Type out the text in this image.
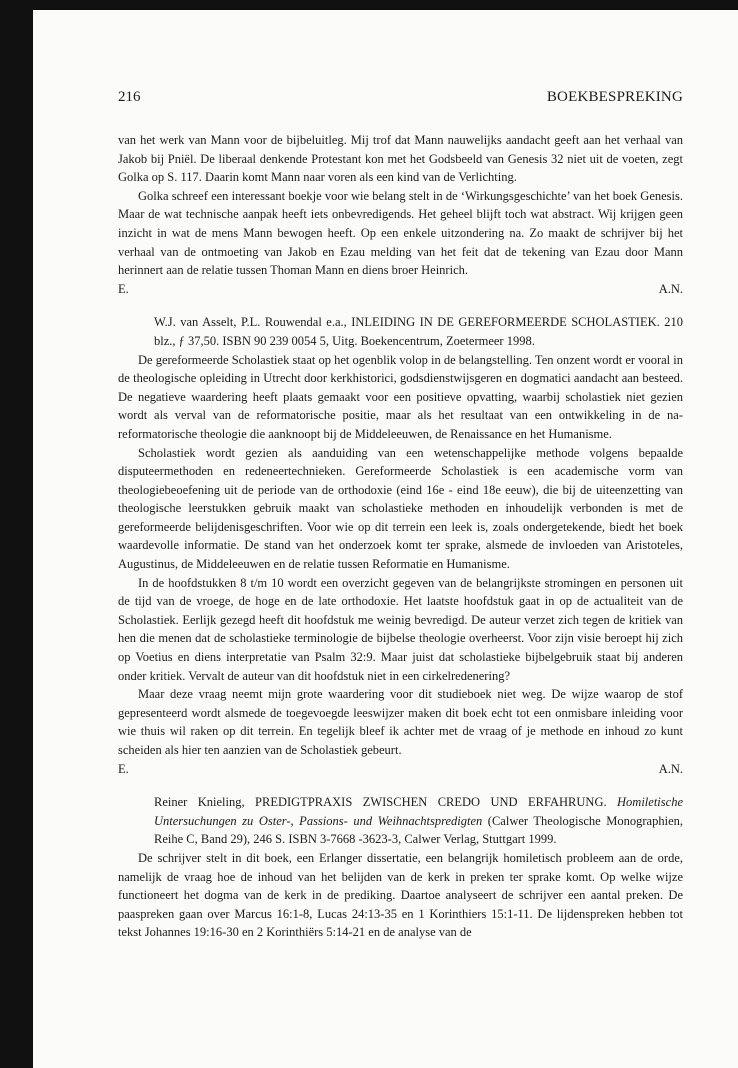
216	BOEKBESPREKING

van het werk van Mann voor de bijbeluitleg. Mij trof dat Mann nauwelijks aandacht geeft aan het verhaal van Jakob bij Pniël. De liberaal denkende Protestant kon met het Godsbeeld van Genesis 32 niet uit de voeten, zegt Golka op S. 117. Daarin komt Mann naar voren als een kind van de Verlichting.

Golka schreef een interessant boekje voor wie belang stelt in de ‘Wirkungsgeschichte’ van het boek Genesis. Maar de wat technische aanpak heeft iets onbevredigends. Het geheel blijft toch wat abstract. Wij krijgen geen inzicht in wat de mens Mann bewogen heeft. Op een enkele uitzondering na. Zo maakt de schrijver bij het verhaal van de ontmoeting van Jakob en Ezau melding van het feit dat de tekening van Ezau door Mann herinnert aan de relatie tussen Thoman Mann en diens broer Heinrich.

E.	A.N.

W.J. van Asselt, P.L. Rouwendal e.a., INLEIDING IN DE GEREFORMEERDE SCHOLASTIEK. 210 blz., ƒ 37,50. ISBN 90 239 0054 5, Uitg. Boekencentrum, Zoetermeer 1998.

De gereformeerde Scholastiek staat op het ogenblik volop in de belangstelling. Ten onzent wordt er vooral in de theologische opleiding in Utrecht door kerkhistorici, godsdienstwijsgeren en dogmatici aandacht aan besteed. De negatieve waardering heeft plaats gemaakt voor een positieve opvatting, waarbij scholastiek niet gezien wordt als verval van de reformatorische positie, maar als het resultaat van een ontwikkeling in de na-reformatorische theologie die aanknoopt bij de Middeleeuwen, de Renaissance en het Humanisme.

Scholastiek wordt gezien als aanduiding van een wetenschappelijke methode volgens bepaalde disputeermethoden en redeneertechnieken. Gereformeerde Scholastiek is een academische vorm van theologiebeoefening uit de periode van de orthodoxie (eind 16e - eind 18e eeuw), die bij de uiteenzetting van theologische leerstukken gebruik maakt van scholastieke methoden en inhoudelijk verbonden is met de gereformeerde belijdenisgeschriften. Voor wie op dit terrein een leek is, zoals ondergetekende, biedt het boek waardevolle informatie. De stand van het onderzoek komt ter sprake, alsmede de invloeden van Aristoteles, Augustinus, de Middeleeuwen en de relatie tussen Reformatie en Humanisme.

In de hoofdstukken 8 t/m 10 wordt een overzicht gegeven van de belangrijkste stromingen en personen uit de tijd van de vroege, de hoge en de late orthodoxie. Het laatste hoofdstuk gaat in op de actualiteit van de Scholastiek. Eerlijk gezegd heeft dit hoofdstuk me weinig bevredigd. De auteur verzet zich tegen de kritiek van hen die menen dat de scholastieke terminologie de bijbelse theologie overheerst. Voor zijn visie beroept hij zich op Voetius en diens interpretatie van Psalm 32:9. Maar juist dat scholastieke bijbelgebruik staat bij anderen onder kritiek. Vervalt de auteur van dit hoofdstuk niet in een cirkelredenering?

Maar deze vraag neemt mijn grote waardering voor dit studieboek niet weg. De wijze waarop de stof gepresenteerd wordt alsmede de toegevoegde leeswijzer maken dit boek echt tot een onmisbare inleiding voor wie thuis wil raken op dit terrein. En tegelijk bleef ik achter met de vraag of je methode en inhoud zo kunt scheiden als hier ten aanzien van de Scholastiek gebeurt.

E.	A.N.

Reiner Knieling, PREDIGTPRAXIS ZWISCHEN CREDO UND ERFAHRUNG. Homiletische Untersuchungen zu Oster-, Passions- und Weihnachtspredigten (Calwer Theologische Monographien, Reihe C, Band 29), 246 S. ISBN 3-7668 -3623-3, Calwer Verlag, Stuttgart 1999.

De schrijver stelt in dit boek, een Erlanger dissertatie, een belangrijk homiletisch probleem aan de orde, namelijk de vraag hoe de inhoud van het belijden van de kerk in preken ter sprake komt. Op welke wijze functioneert het dogma van de kerk in de prediking. Daartoe analyseert de schrijver een aantal preken. De paaspreken gaan over Marcus 16:1-8, Lucas 24:13-35 en 1 Korinthiers 15:1-11. De lijdenspreken hebben tot tekst Johannes 19:16-30 en 2 Korinthiërs 5:14-21 en de analyse van de
